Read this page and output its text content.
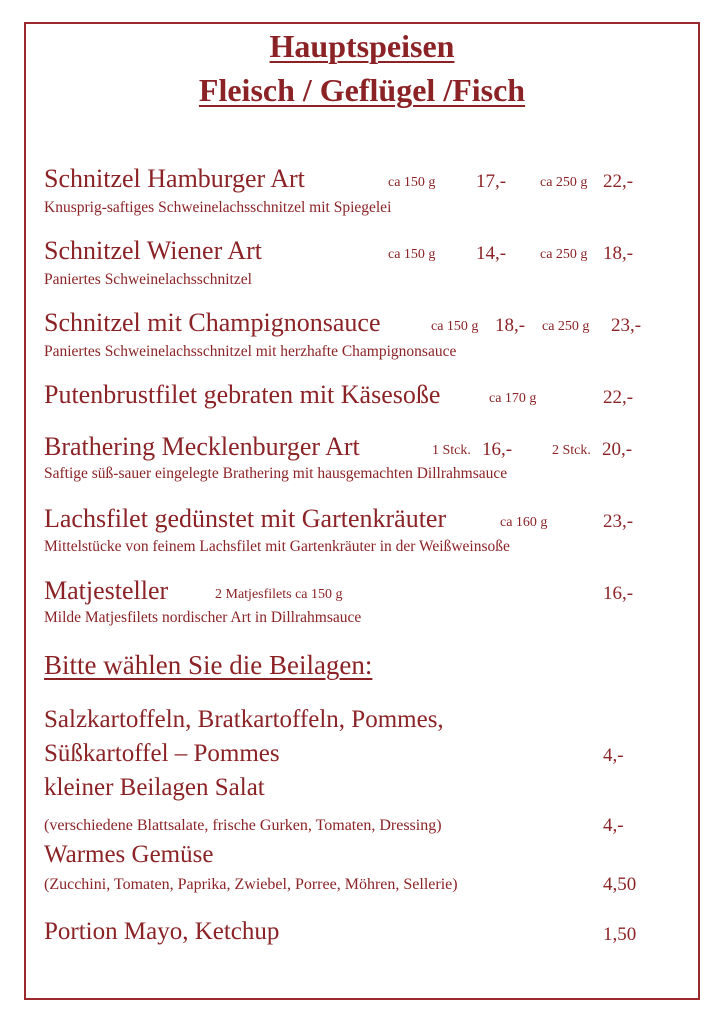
Hauptspeisen
Fleisch / Geflügel /Fisch
Schnitzel Hamburger Art	ca 150 g 17,- ca 250 g 22,-
Knusprig-saftiges Schweinelachsschnitzel mit Spiegelei
Schnitzel Wiener Art	ca 150 g 14,- ca 250 g 18,-
Paniertes Schweinelachsschnitzel
Schnitzel mit Champignonsauce	ca 150 g 18,- ca 250 g 23,-
Paniertes Schweinelachsschnitzel mit herzhafte Champignonsauce
Putenbrustfilet gebraten mit Käsesoße	ca 170 g	22,-
Brathering Mecklenburger Art	1 Stck. 16,-	2 Stck. 20,-
Saftige süß-sauer eingelegte Brathering mit hausgemachten Dillrahmsauce
Lachsfilet gedünstet mit Gartenkräuter	ca 160 g	23,-
Mittelstücke von feinem Lachsfilet mit Gartenkräuter in der Weißweinsoße
Matjesteller	2 Matjesfilets ca 150 g	16,-
Milde Matjesfilets nordischer Art in Dillrahmsauce
Bitte wählen Sie die Beilagen:
Salzkartoffeln, Bratkartoffeln, Pommes,
Süßkartoffel – Pommes	4,-
kleiner Beilagen Salat
(verschiedene Blattsalate, frische Gurken, Tomaten, Dressing)	4,-
Warmes Gemüse
(Zucchini, Tomaten, Paprika, Zwiebel, Porree, Möhren, Sellerie)	4,50
Portion Mayo, Ketchup	1,50
